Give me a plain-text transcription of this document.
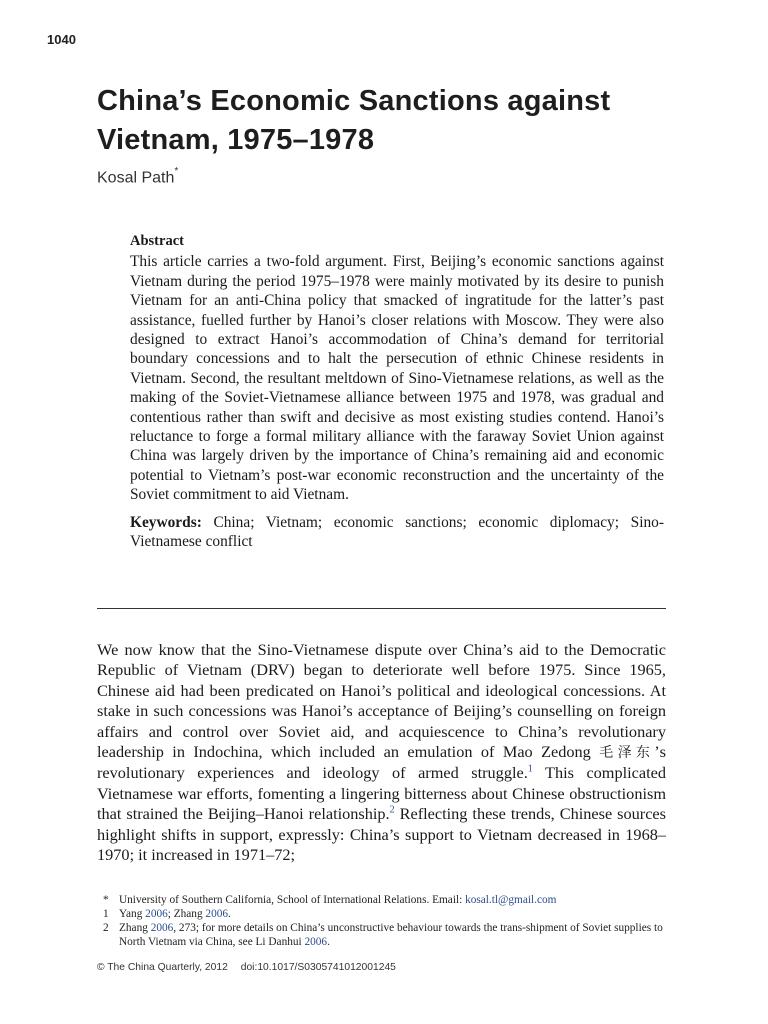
1040
China’s Economic Sanctions against
Vietnam, 1975–1978
Kosal Path*
Abstract

This article carries a two-fold argument. First, Beijing’s economic sanctions against Vietnam during the period 1975–1978 were mainly motivated by its desire to punish Vietnam for an anti-China policy that smacked of ingratitude for the latter’s past assistance, fuelled further by Hanoi’s closer relations with Moscow. They were also designed to extract Hanoi’s accommodation of China’s demand for territorial boundary concessions and to halt the persecution of ethnic Chinese residents in Vietnam. Second, the resultant meltdown of Sino-Vietnamese relations, as well as the making of the Soviet-Vietnamese alliance between 1975 and 1978, was gradual and contentious rather than swift and decisive as most existing studies contend. Hanoi’s reluctance to forge a formal military alliance with the faraway Soviet Union against China was largely driven by the importance of China’s remaining aid and economic potential to Vietnam’s post-war economic reconstruction and the uncertainty of the Soviet commitment to aid Vietnam.

Keywords: China; Vietnam; economic sanctions; economic diplomacy; Sino-Vietnamese conflict

We now know that the Sino-Vietnamese dispute over China’s aid to the Democratic Republic of Vietnam (DRV) began to deteriorate well before 1975. Since 1965, Chinese aid had been predicated on Hanoi’s political and ideological concessions. At stake in such concessions was Hanoi’s acceptance of Beijing’s counselling on foreign affairs and control over Soviet aid, and acquiescence to China’s revolutionary leadership in Indochina, which included an emulation of Mao Zedong 毛泽东’s revolutionary experiences and ideology of armed struggle.$^1$ This complicated Vietnamese war efforts, fomenting a lingering bitterness about Chinese obstructionism that strained the Beijing–Hanoi relationship.$^2$ Reflecting these trends, Chinese sources highlight shifts in support, expressly: China’s support to Vietnam decreased in 1968–1970; it increased in 1971–72;

* University of Southern California, School of International Relations. Email: kosal.tl@gmail.com
1 Yang 2006; Zhang 2006.
2 Zhang 2006, 273; for more details on China’s unconstructive behaviour towards the trans-shipment of Soviet supplies to North Vietnam via China, see Li Danhui 2006.
© The China Quarterly, 2012 doi:10.1017/S0305741012001245
